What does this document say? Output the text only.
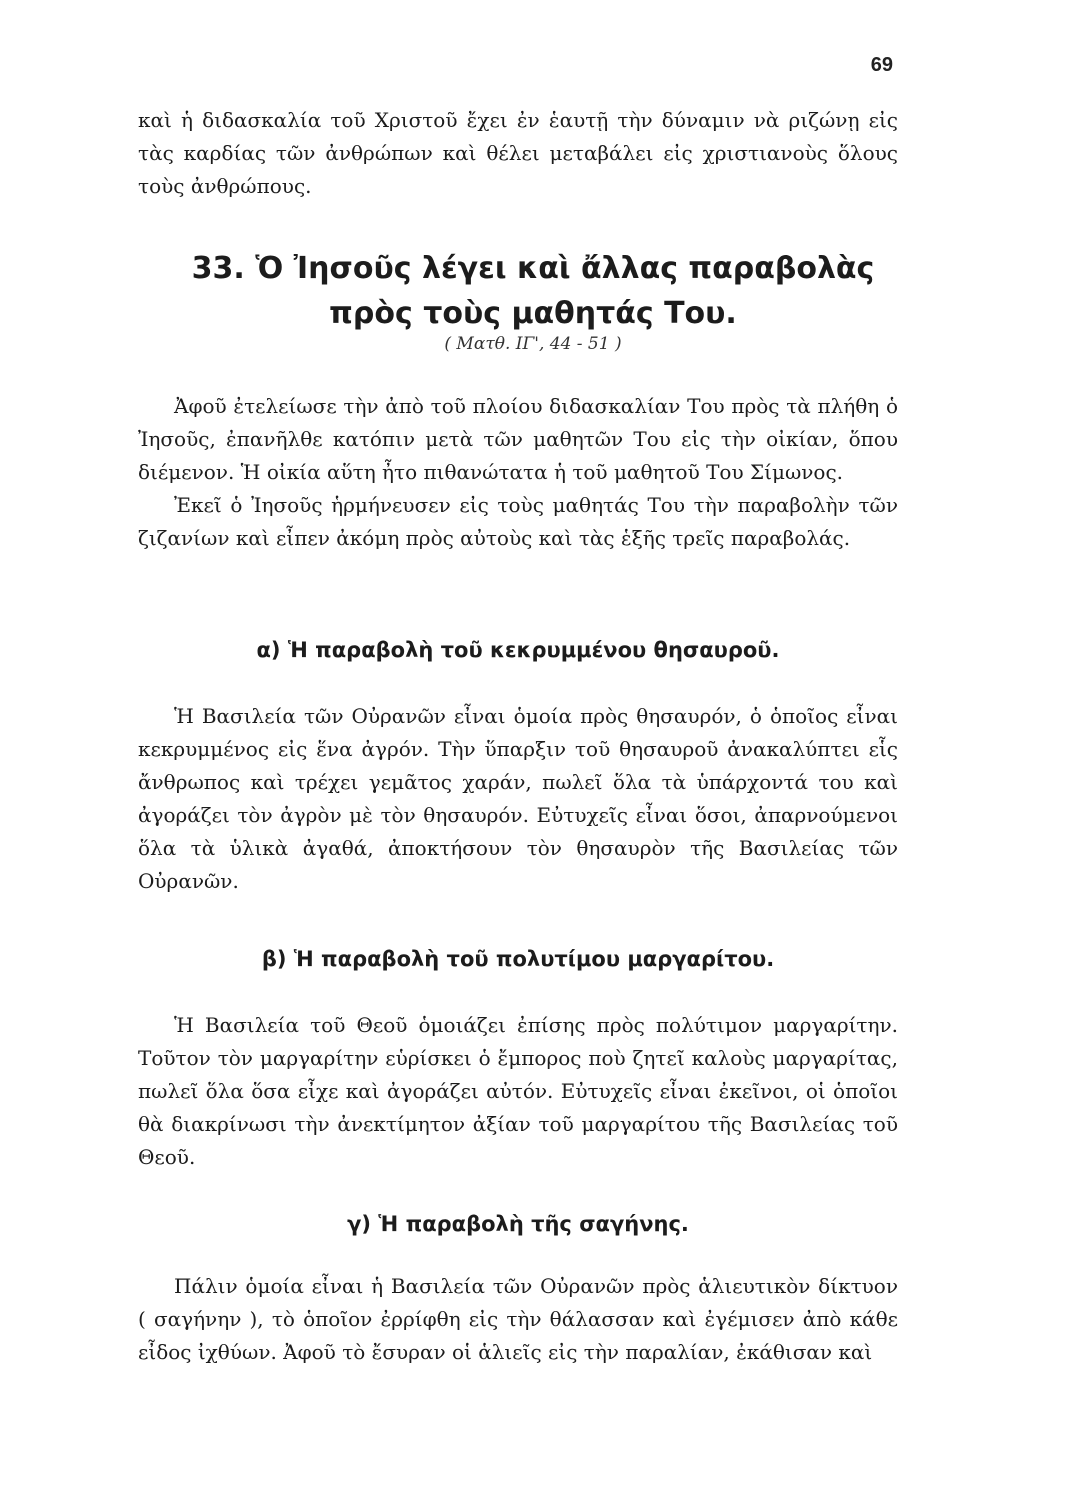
69

καὶ ἡ διδασκαλία τοῦ Χριστοῦ ἔχει ἐν ἑαυτῇ τὴν δύναμιν νὰ ριζώνῃ εἰς τὰς καρδίας τῶν ἀνθρώπων καὶ θέλει μεταβάλει εἰς χριστιανοὺς ὅλους τοὺς ἀνθρώπους.

33. Ὁ Ἰησοῦς λέγει καὶ ἄλλας παραβολὰς
πρὸς τοὺς μαθητάς Του.
( Ματθ. ΙΓ', 44 - 51 )

Ἀφοῦ ἐτελείωσε τὴν ἀπὸ τοῦ πλοίου διδασκαλίαν Του πρὸς τὰ πλήθη ὁ Ἰησοῦς, ἐπανῆλθε κατόπιν μετὰ τῶν μαθητῶν Του εἰς τὴν οἰκίαν, ὅπου διέμενον. Ἡ οἰκία αὕτη ἦτο πιθανώτατα ἡ τοῦ μαθητοῦ Του Σίμωνος.

Ἐκεῖ ὁ Ἰησοῦς ἡρμήνευσεν εἰς τοὺς μαθητάς Του τὴν παραβολὴν τῶν ζιζανίων καὶ εἶπεν ἀκόμη πρὸς αὐτοὺς καὶ τὰς ἑξῆς τρεῖς παραβολάς.

α) Ἡ παραβολὴ τοῦ κεκρυμμένου θησαυροῦ.

Ἡ Βασιλεία τῶν Οὐρανῶν εἶναι ὁμοία πρὸς θησαυρόν, ὁ ὁποῖος εἶναι κεκρυμμένος εἰς ἕνα ἀγρόν. Τὴν ὕπαρξιν τοῦ θησαυροῦ ἀνακαλύπτει εἷς ἄνθρωπος καὶ τρέχει γεμᾶτος χαράν, πωλεῖ ὅλα τὰ ὑπάρχοντά του καὶ ἀγοράζει τὸν ἀγρὸν μὲ τὸν θησαυρόν. Εὐτυχεῖς εἶναι ὅσοι, ἀπαρνούμενοι ὅλα τὰ ὑλικὰ ἀγαθά, ἀποκτήσουν τὸν θησαυρὸν τῆς Βασιλείας τῶν Οὐρανῶν.

β) Ἡ παραβολὴ τοῦ πολυτίμου μαργαρίτου.

Ἡ Βασιλεία τοῦ Θεοῦ ὁμοιάζει ἐπίσης πρὸς πολύτιμον μαργαρίτην. Τοῦτον τὸν μαργαρίτην εὑρίσκει ὁ ἔμπορος ποὺ ζητεῖ καλοὺς μαργαρίτας, πωλεῖ ὅλα ὅσα εἶχε καὶ ἀγοράζει αὐτόν. Εὐτυχεῖς εἶναι ἐκεῖνοι, οἱ ὁποῖοι θὰ διακρίνωσι τὴν ἀνεκτίμητον ἀξίαν τοῦ μαργαρίτου τῆς Βασιλείας τοῦ Θεοῦ.

γ) Ἡ παραβολὴ τῆς σαγήνης.

Πάλιν ὁμοία εἶναι ἡ Βασιλεία τῶν Οὐρανῶν πρὸς ἁλιευτικὸν δίκτυον ( σαγήνην ), τὸ ὁποῖον ἐρρίφθη εἰς τὴν θάλασσαν καὶ ἐγέμισεν ἀπὸ κάθε εἶδος ἰχθύων. Ἀφοῦ τὸ ἔσυραν οἱ ἁλιεῖς εἰς τὴν παραλίαν, ἐκάθισαν καὶ
